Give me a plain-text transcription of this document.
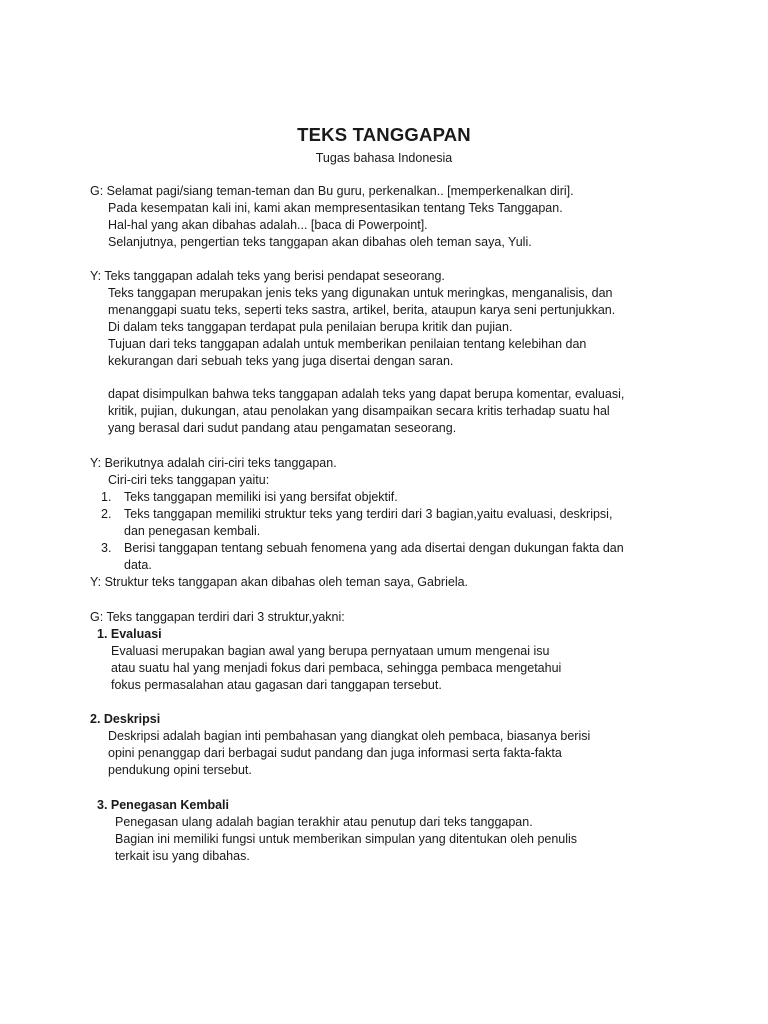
TEKS TANGGAPAN
Tugas bahasa Indonesia
G: Selamat pagi/siang teman-teman dan Bu guru, perkenalkan.. [memperkenalkan diri].
Pada kesempatan kali ini, kami akan mempresentasikan tentang Teks Tanggapan.
Hal-hal yang akan dibahas adalah... [baca di Powerpoint].
Selanjutnya, pengertian teks tanggapan akan dibahas oleh teman saya, Yuli.
Y: Teks tanggapan adalah teks yang berisi pendapat seseorang.
Teks tanggapan merupakan jenis teks yang digunakan untuk meringkas, menganalisis, dan
menanggapi suatu teks, seperti teks sastra, artikel, berita, ataupun karya seni pertunjukkan.
Di dalam teks tanggapan terdapat pula penilaian berupa kritik dan pujian.
Tujuan dari teks tanggapan adalah untuk memberikan penilaian tentang kelebihan dan
kekurangan dari sebuah teks yang juga disertai dengan saran.
dapat disimpulkan bahwa teks tanggapan adalah teks yang dapat berupa komentar, evaluasi,
kritik, pujian, dukungan, atau penolakan yang disampaikan secara kritis terhadap suatu hal
yang berasal dari sudut pandang atau pengamatan seseorang.
Y: Berikutnya adalah ciri-ciri teks tanggapan.
Ciri-ciri teks tanggapan yaitu:
1. Teks tanggapan memiliki isi yang bersifat objektif.
2. Teks tanggapan memiliki struktur teks yang terdiri dari 3 bagian,yaitu evaluasi, deskripsi,
dan penegasan kembali.
3. Berisi tanggapan tentang sebuah fenomena yang ada disertai dengan dukungan fakta dan
data.
Y: Struktur teks tanggapan akan dibahas oleh teman saya, Gabriela.
G: Teks tanggapan terdiri dari 3 struktur,yakni:
1. Evaluasi
Evaluasi merupakan bagian awal yang berupa pernyataan umum mengenai isu
atau suatu hal yang menjadi fokus dari pembaca, sehingga pembaca mengetahui
fokus permasalahan atau gagasan dari tanggapan tersebut.
2. Deskripsi
Deskripsi adalah bagian inti pembahasan yang diangkat oleh pembaca, biasanya berisi
opini penanggap dari berbagai sudut pandang dan juga informasi serta fakta-fakta
pendukung opini tersebut.
3. Penegasan Kembali
Penegasan ulang adalah bagian terakhir atau penutup dari teks tanggapan.
Bagian ini memiliki fungsi untuk memberikan simpulan yang ditentukan oleh penulis
terkait isu yang dibahas.
